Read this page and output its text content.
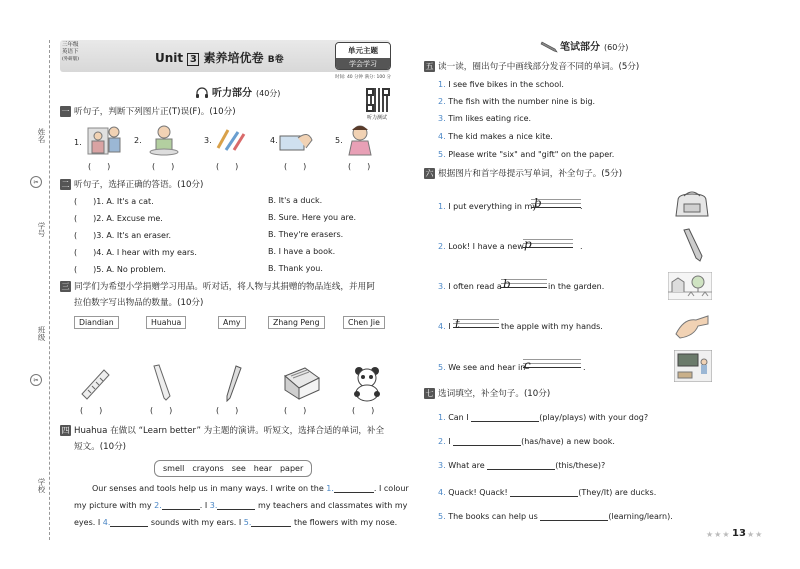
姓名
学号
班级
学校
✂
✂
三年级
英语下
(外研版)	Unit 3 素养培优卷 B卷
单元主题
学会学习
时间: 40 分钟 满分: 100 分
听力测试
听力部分 (40分)
一 听句子，判断下列图片正(T)误(F)。(10分)
1.	2.	3.	4.	5.
(　　)	(　　)	(　　)	(　　)	(　　)
二 听句子，选择正确的答语。(10分)
(　　)1. A. It's a cat.	B. It's a duck.
(　　)2. A. Excuse me.	B. Sure. Here you are.
(　　)3. A. It's an eraser.	B. They're erasers.
(　　)4. A. I hear with my ears.	B. I have a book.
(　　)5. A. No problem.	B. Thank you.
三 同学们为希望小学捐赠学习用品。听对话，将人物与其捐赠的物品连线，并用阿
拉伯数字写出物品的数量。(10分)
Diandian	Huahua	Amy	Zhang Peng	Chen Jie
(　　)	(　　)	(　　)	(　　)	(　　)
四 Huahua 在做以 “Learn better” 为主题的演讲。听短文，选择合适的单词，补全
短文。(10分)
smell　crayons　see　hear　paper
Our senses and tools help us in many ways. I write on the 1.	. I colour
my picture with my 2.	. I 3.	my teachers and classmates with my
eyes. I 4.	sounds with my ears. I 5.	the flowers with my nose.
笔试部分 (60分)
五 读一读，圈出句子中画线部分发音不同的单词。(5分)
1. I see five bikes in the school.
2. The fish with the number nine is big.
3. Tim likes eating rice.
4. The kid makes a nice kite.
5. Please write "six" and "gift" on the paper.
六 根据图片和首字母提示写单词，补全句子。(5分)
1. I put everything in my
b	.
2. Look! I have a new p	.
3. I often read a b	in the garden.
4. I t	the apple with my hands.
5. We see and hear in
c	.
七 选词填空，补全句子。(10分)
1. Can I	(play/plays) with your dog?
2. I	(has/have) a new book.
3. What are	(this/these)?
4. Quack! Quack!	(They/It) are ducks.
5. The books can help us	(learning/learn).
★★★ 13 ★★
